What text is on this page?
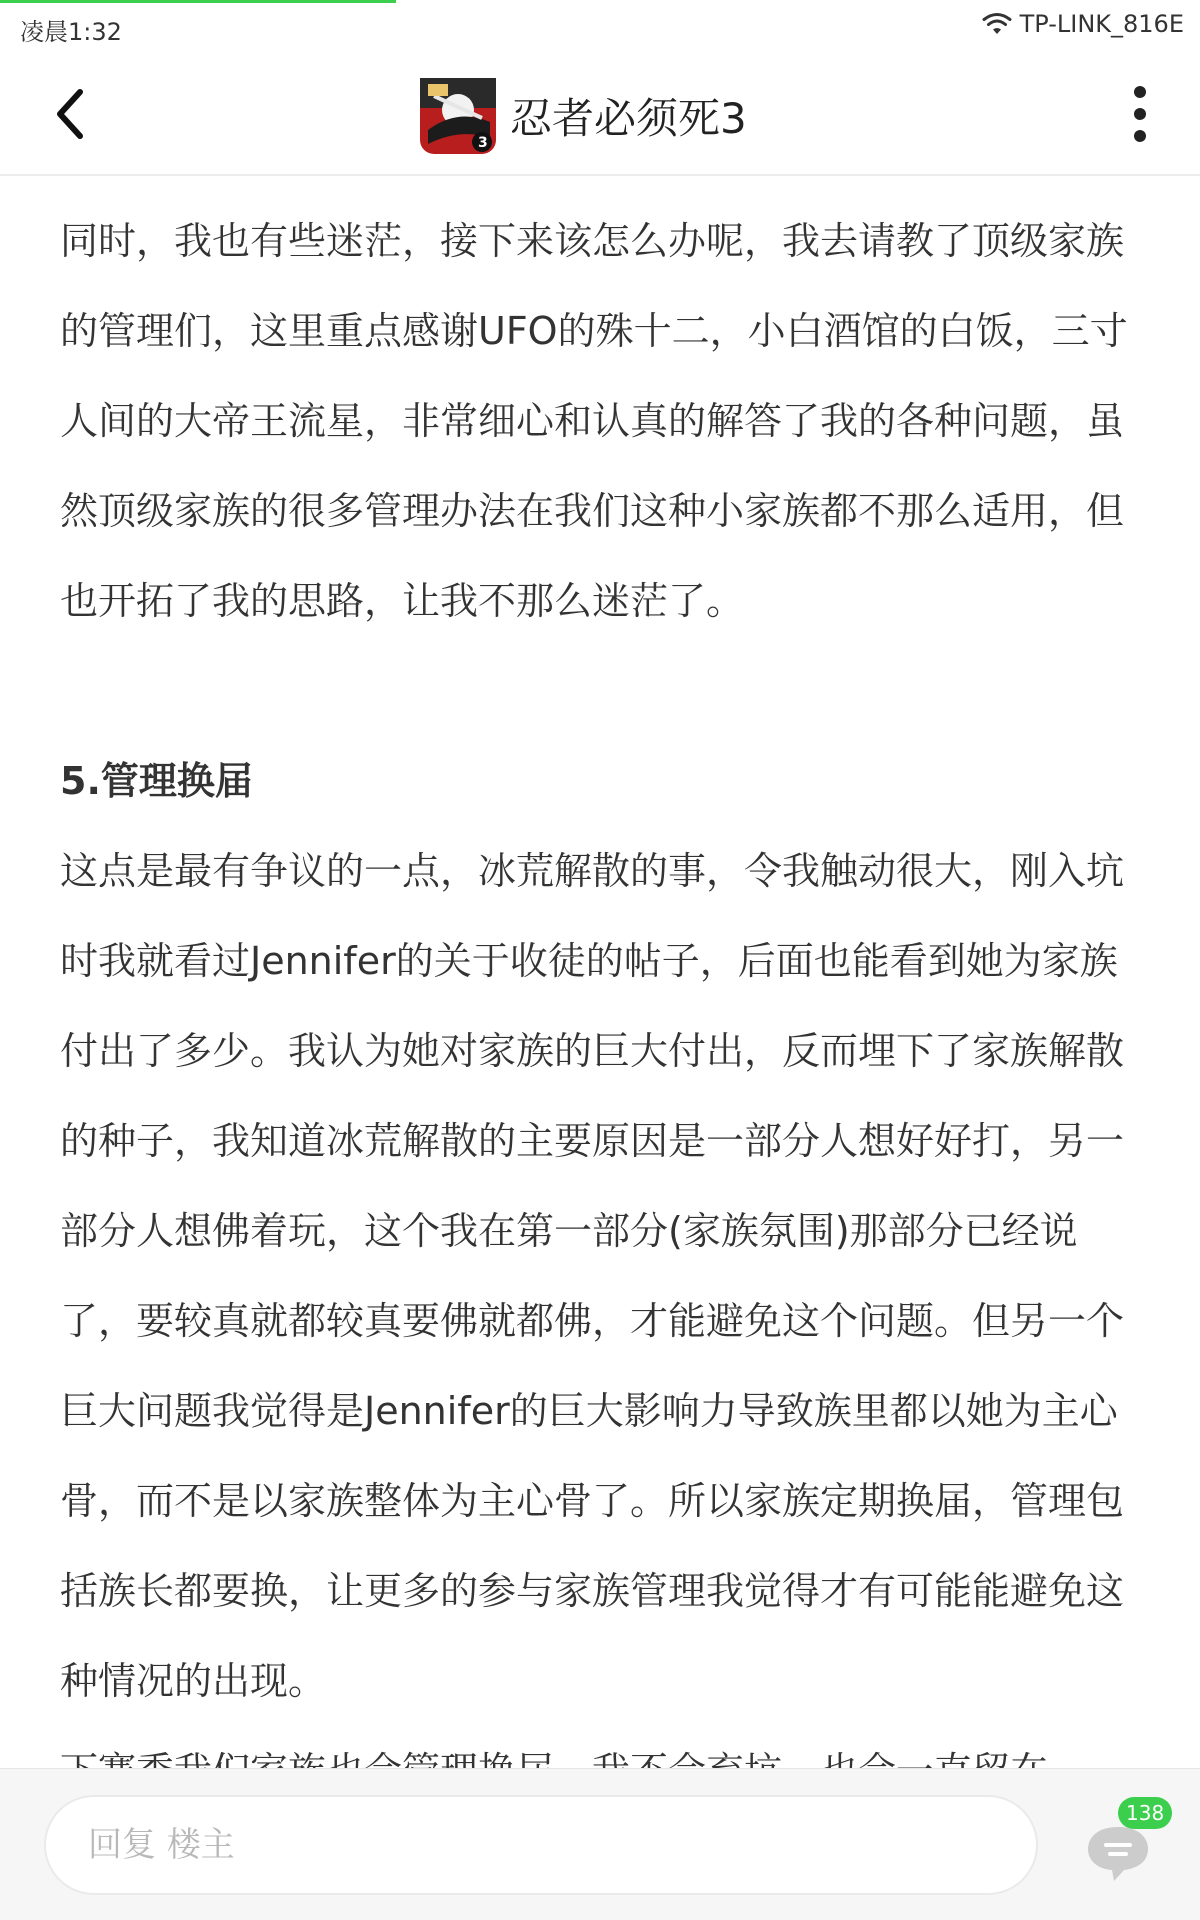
凌晨1:32	TP-LINK_816E
3 忍者必须死3

同时，我也有些迷茫，接下来该怎么办呢，我去请教了顶级家族的管理们，这里重点感谢UFO的殊十二，小白酒馆的白饭，三寸人间的大帝王流星，非常细心和认真的解答了我的各种问题，虽然顶级家族的很多管理办法在我们这种小家族都不那么适用，但也开拓了我的思路，让我不那么迷茫了。

5.管理换届

这点是最有争议的一点，冰荒解散的事，令我触动很大，刚入坑时我就看过Jennifer的关于收徒的帖子，后面也能看到她为家族付出了多少。我认为她对家族的巨大付出，反而埋下了家族解散的种子，我知道冰荒解散的主要原因是一部分人想好好打，另一部分人想佛着玩，这个我在第一部分(家族氛围)那部分已经说了，要较真就都较真要佛就都佛，才能避免这个问题。但另一个巨大问题我觉得是Jennifer的巨大影响力导致族里都以她为主心骨，而不是以家族整体为主心骨了。所以家族定期换届，管理包括族长都要换，让更多的参与家族管理我觉得才有可能能避免这种情况的出现。

回复 楼主
138
